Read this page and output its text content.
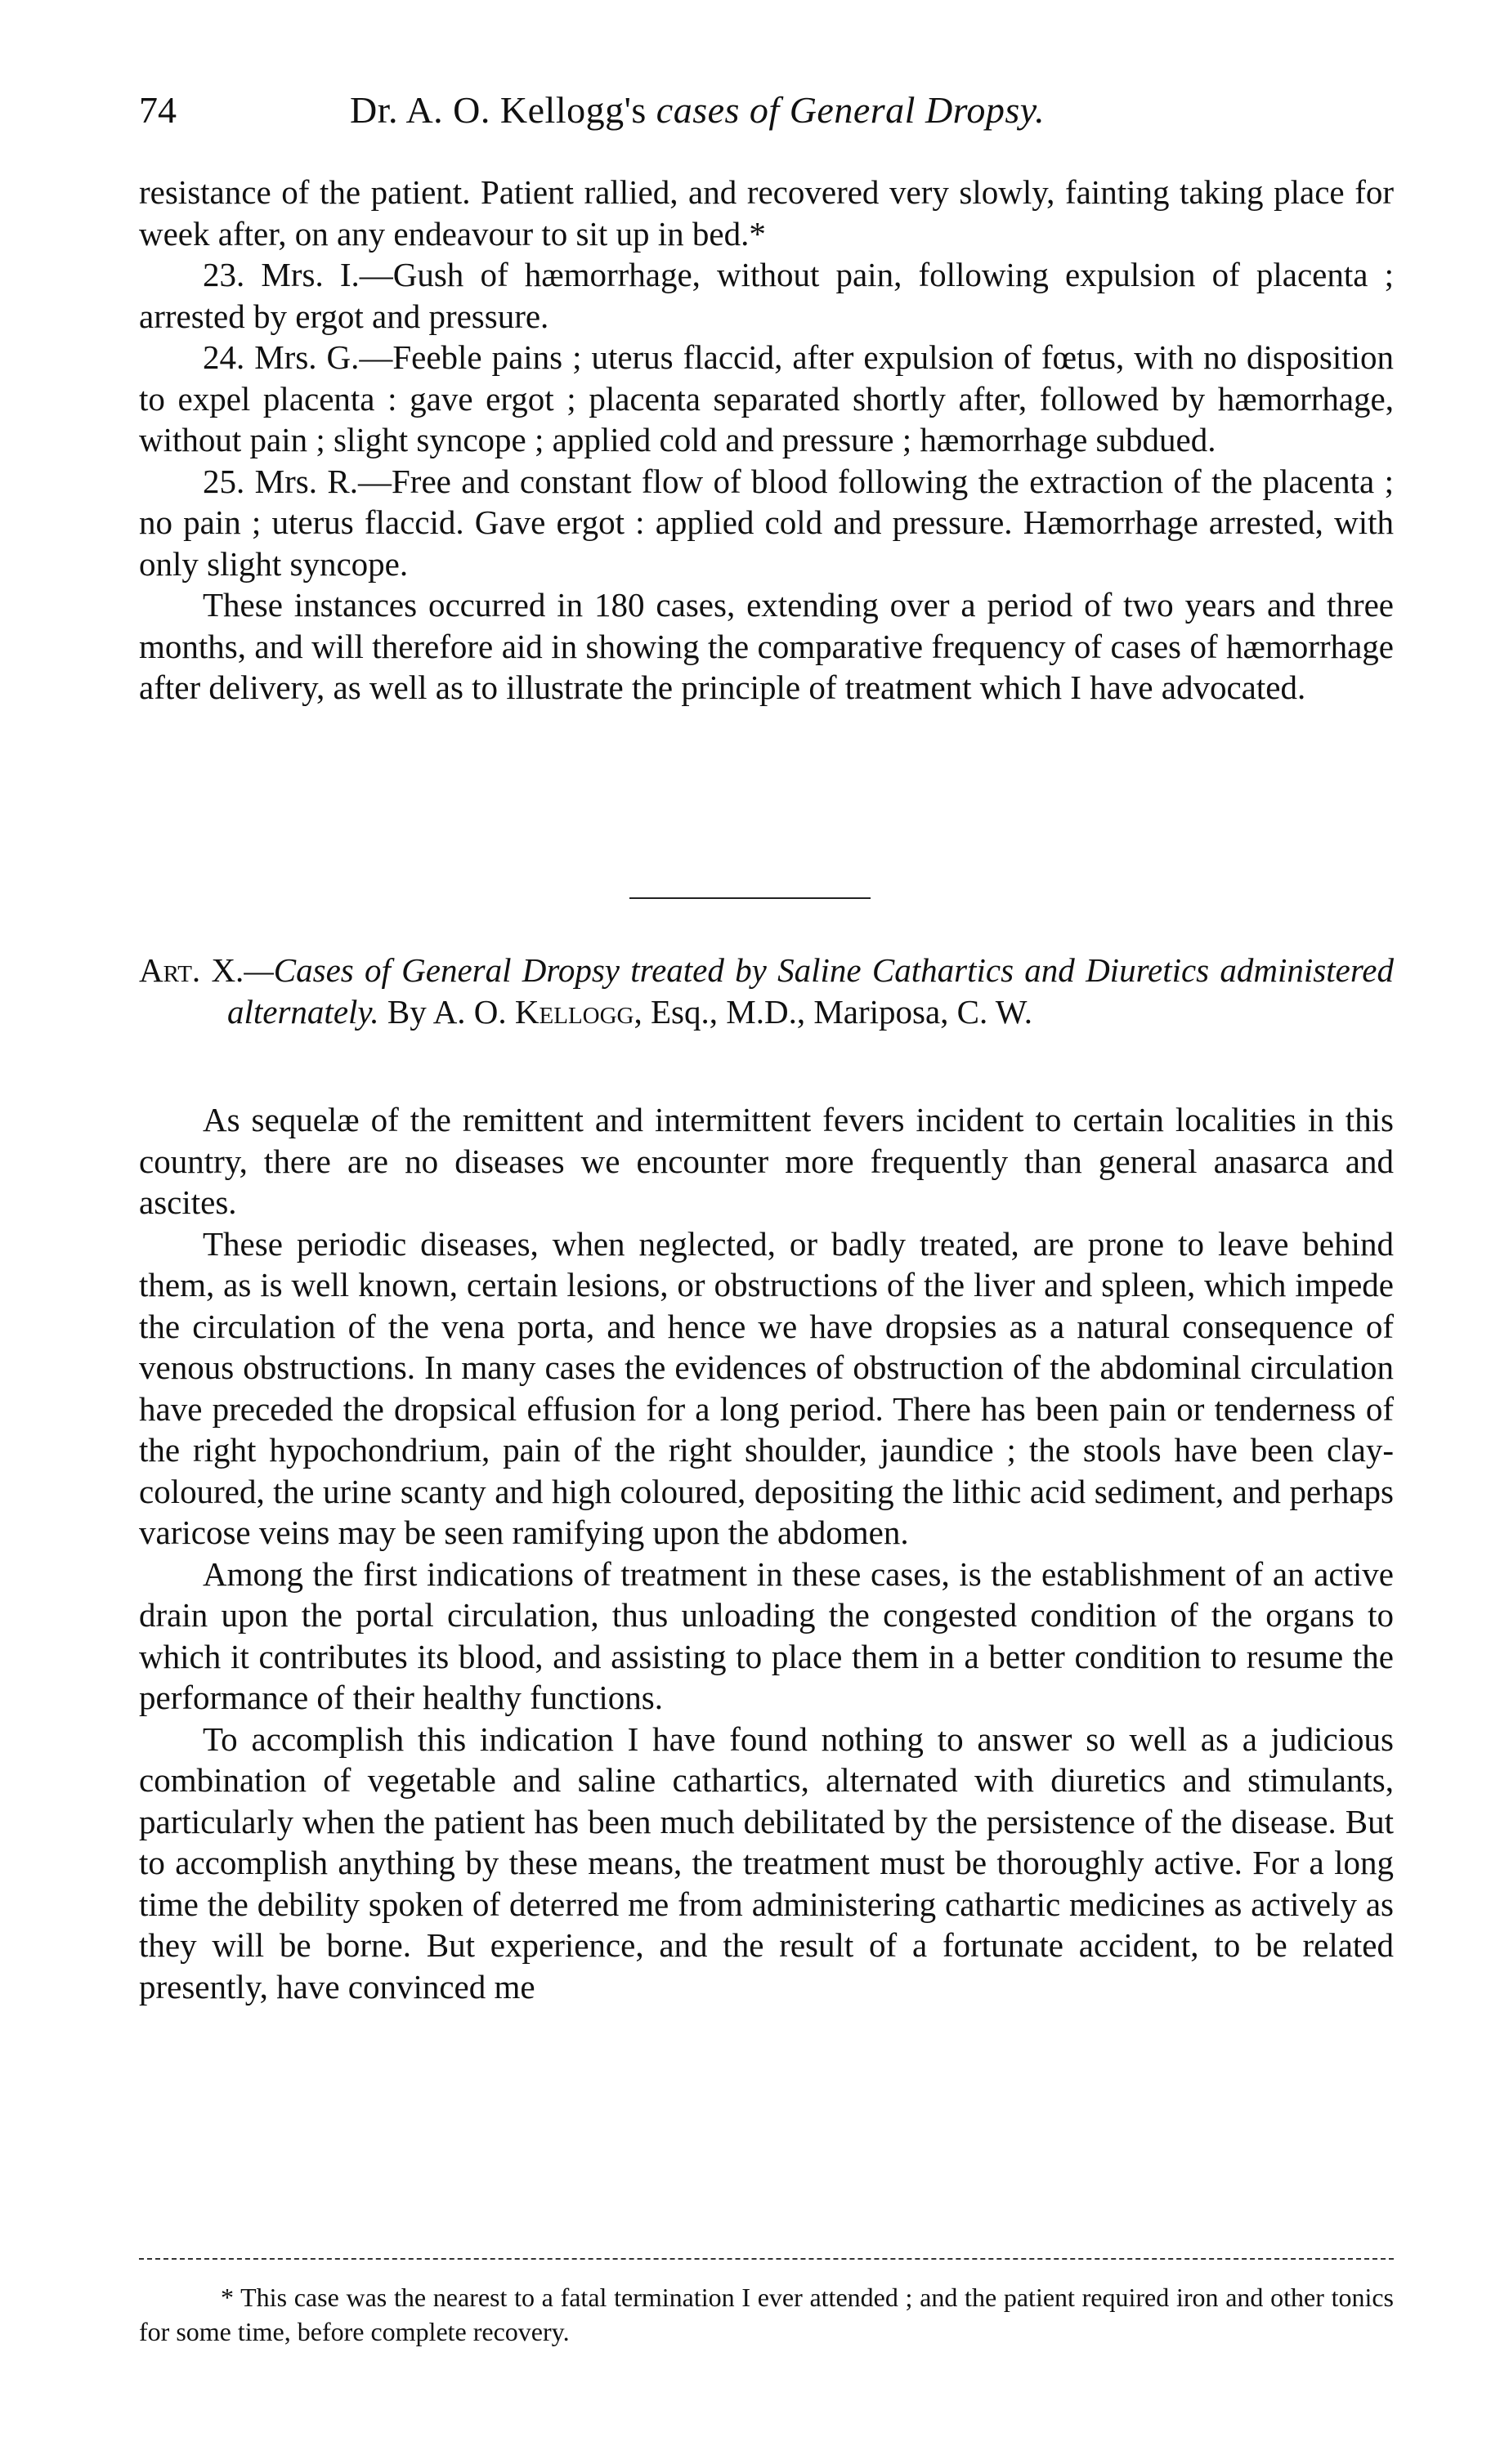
74	Dr. A. O. Kellogg's cases of General Dropsy.

resistance of the patient. Patient rallied, and recovered very slowly, fainting taking place for week after, on any endeavour to sit up in bed.*

23. Mrs. I.—Gush of hæmorrhage, without pain, following expulsion of placenta ; arrested by ergot and pressure.

24. Mrs. G.—Feeble pains ; uterus flaccid, after expulsion of fœtus, with no disposition to expel placenta : gave ergot ; placenta separated shortly after, followed by hæmorrhage, without pain ; slight syncope ; applied cold and pressure ; hæmorrhage subdued.

25. Mrs. R.—Free and constant flow of blood following the extraction of the placenta ; no pain ; uterus flaccid. Gave ergot : applied cold and pressure. Hæmorrhage arrested, with only slight syncope.

These instances occurred in 180 cases, extending over a period of two years and three months, and will therefore aid in showing the comparative frequency of cases of hæmorrhage after delivery, as well as to illustrate the principle of treatment which I have advocated.

Art. X.—Cases of General Dropsy treated by Saline Cathartics and Diuretics administered alternately. By A. O. Kellogg, Esq., M.D., Mariposa, C. W.

As sequelæ of the remittent and intermittent fevers incident to certain localities in this country, there are no diseases we encounter more frequently than general anasarca and ascites.

These periodic diseases, when neglected, or badly treated, are prone to leave behind them, as is well known, certain lesions, or obstructions of the liver and spleen, which impede the circulation of the vena porta, and hence we have dropsies as a natural consequence of venous obstructions. In many cases the evidences of obstruction of the abdominal circulation have preceded the dropsical effusion for a long period. There has been pain or tenderness of the right hypochondrium, pain of the right shoulder, jaundice ; the stools have been clay-coloured, the urine scanty and high coloured, depositing the lithic acid sediment, and perhaps varicose veins may be seen ramifying upon the abdomen.

Among the first indications of treatment in these cases, is the establishment of an active drain upon the portal circulation, thus unloading the congested condition of the organs to which it contributes its blood, and assisting to place them in a better condition to resume the performance of their healthy functions.

To accomplish this indication I have found nothing to answer so well as a judicious combination of vegetable and saline cathartics, alternated with diuretics and stimulants, particularly when the patient has been much debilitated by the persistence of the disease. But to accomplish anything by these means, the treatment must be thoroughly active. For a long time the debility spoken of deterred me from administering cathartic medicines as actively as they will be borne. But experience, and the result of a fortunate accident, to be related presently, have convinced me

* This case was the nearest to a fatal termination I ever attended ; and the patient required iron and other tonics for some time, before complete recovery.
